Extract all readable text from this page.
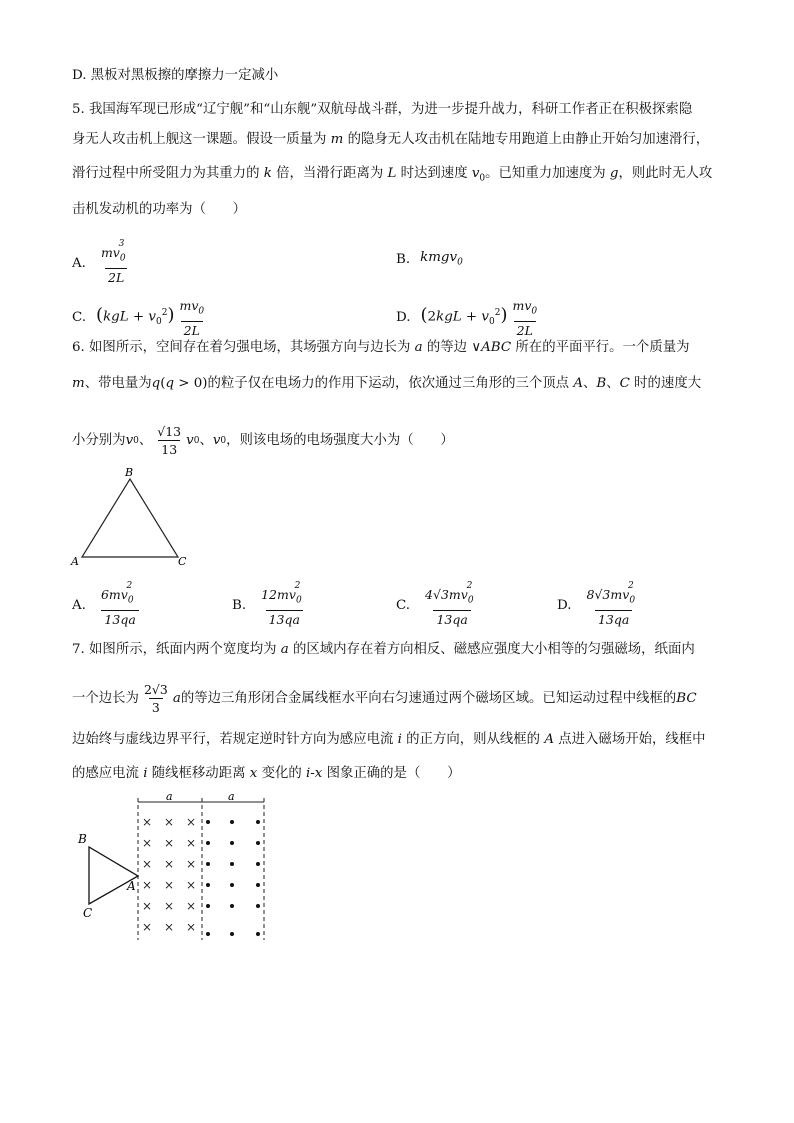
D. 黑板对黑板擦的摩擦力一定减小
5. 我国海军现已形成“辽宁舰”和“山东舰”双航母战斗群，为进一步提升战力，科研工作者正在积极探索隐
身无人攻击机上舰这一课题。假设一质量为 m 的隐身无人攻击机在陆地专用跑道上由静止开始匀加速滑行，
滑行过程中所受阻力为其重力的 k 倍，当滑行距离为 L 时达到速度 $v_0$。已知重力加速度为 g，则此时无人攻
击机发动机的功率为（　　）
A. $\frac{mv_0^3}{2L}$	B. kmgv$_0$
C. $(kgL + v_0^2) \frac{mv_0}{2L}$	D. $(2kgL + v_0^2) \frac{mv_0}{2L}$
6. 如图所示，空间存在着匀强电场，其场强方向与边长为 a 的等边 ∨ABC 所在的平面平行。一个质量为
m、带电量为q(q > 0)的粒子仅在电场力的作用下运动，依次通过三角形的三个顶点 A、B、C 时的速度大
小分别为 v 0 、 $\frac{√13}{13}$ v 0 、 v 0 ，则该电场的电场强度大小为（　　）
B
A	C
A. $\frac{6mv_0^2}{13qa}$	B. $\frac{12mv_0^2}{13qa}$	C. $\frac{4√3mv_0^2}{13qa}$	D. $\frac{8√3mv_0^2}{13qa}$
7. 如图所示，纸面内两个宽度均为 a 的区域内存在着方向相反、磁感应强度大小相等的匀强磁场，纸面内
一个边长为 $\frac{2√3}{3}$ a 的等边三角形闭合金属线框水平向右匀速通过两个磁场区域。已知运动过程中线框的 BC
边始终与虚线边界平行，若规定逆时针方向为感应电流 i 的正方向，则从线框的 A 点进入磁场开始，线框中
的感应电流 i 随线框移动距离 x 变化的 i-x 图象正确的是（　　）
a	a
× × ×
× × ×
× × ×
× × ×
× × ×
× × ×
B
A
C
